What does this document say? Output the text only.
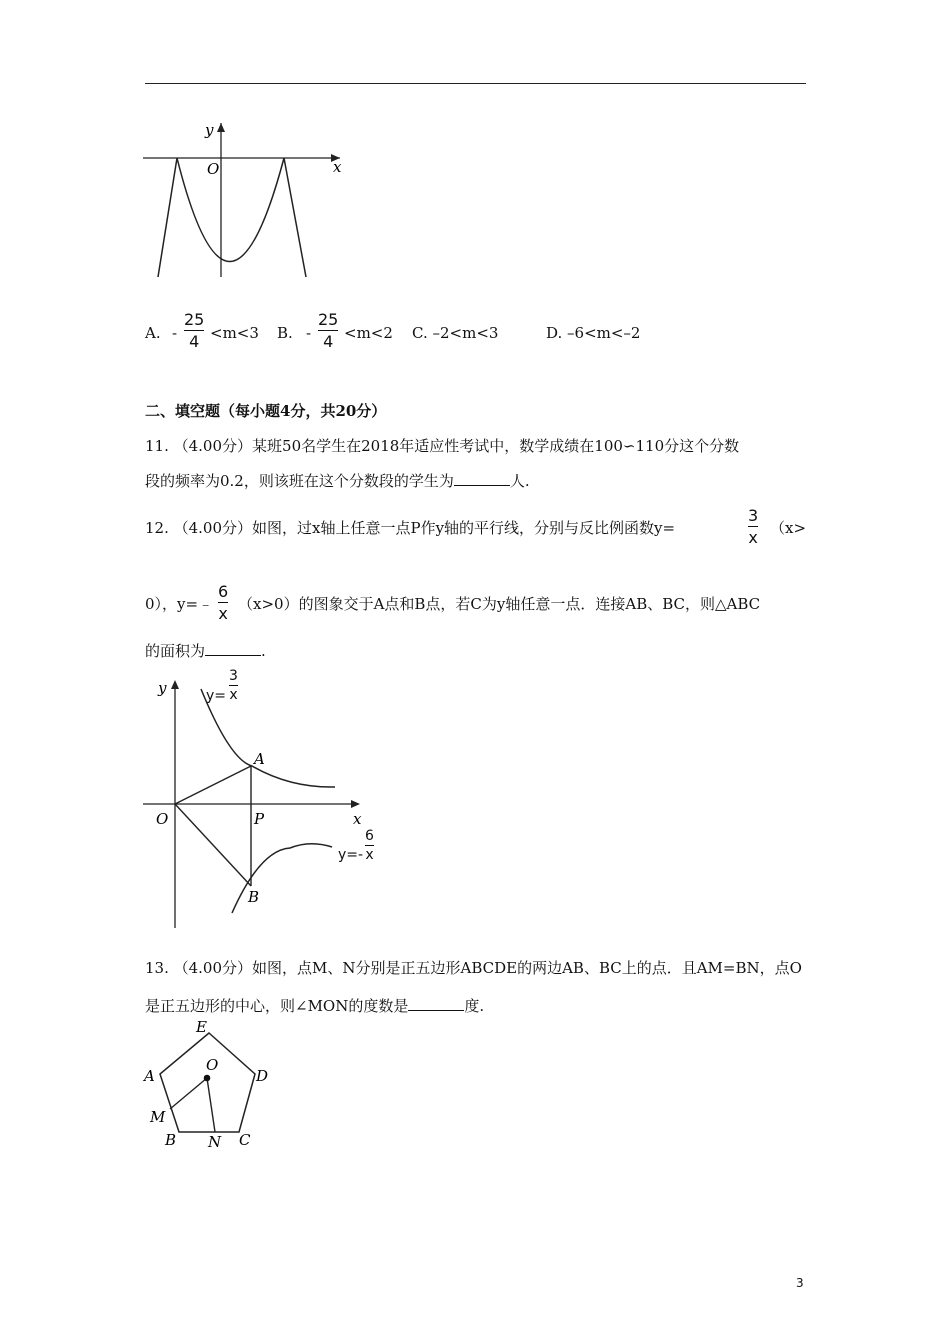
y
O	x
A. -
25
4 <m<3 B. -
25
4 <m<2 C. –2<m<3	D. –6<m<–2
二、填空题（每小题4分，共20分）
11. （4.00分）某班50名学生在2018年适应性考试中，数学成绩在100∽110分这个分数
段的频率为0.2，则该班在这个分数段的学生为	人.
12. （4.00分）如图，过x轴上任意一点P作y轴的平行线，分别与反比例函数y=
3
x
（x>
0），y=﹣
6
x
（x>0）的图象交于A点和B点，若C为y轴任意一点．连接AB、BC，则△ABC
的面积为	.
y
x
O
A
P
B
y=
3
x
y=-
6
x
13. （4.00分）如图，点M、N分别是正五边形ABCDE的两边AB、BC上的点．且AM=BN，点O
是正五边形的中心，则∠MON的度数是	度.
E
A	D
O
M
B N C
3
